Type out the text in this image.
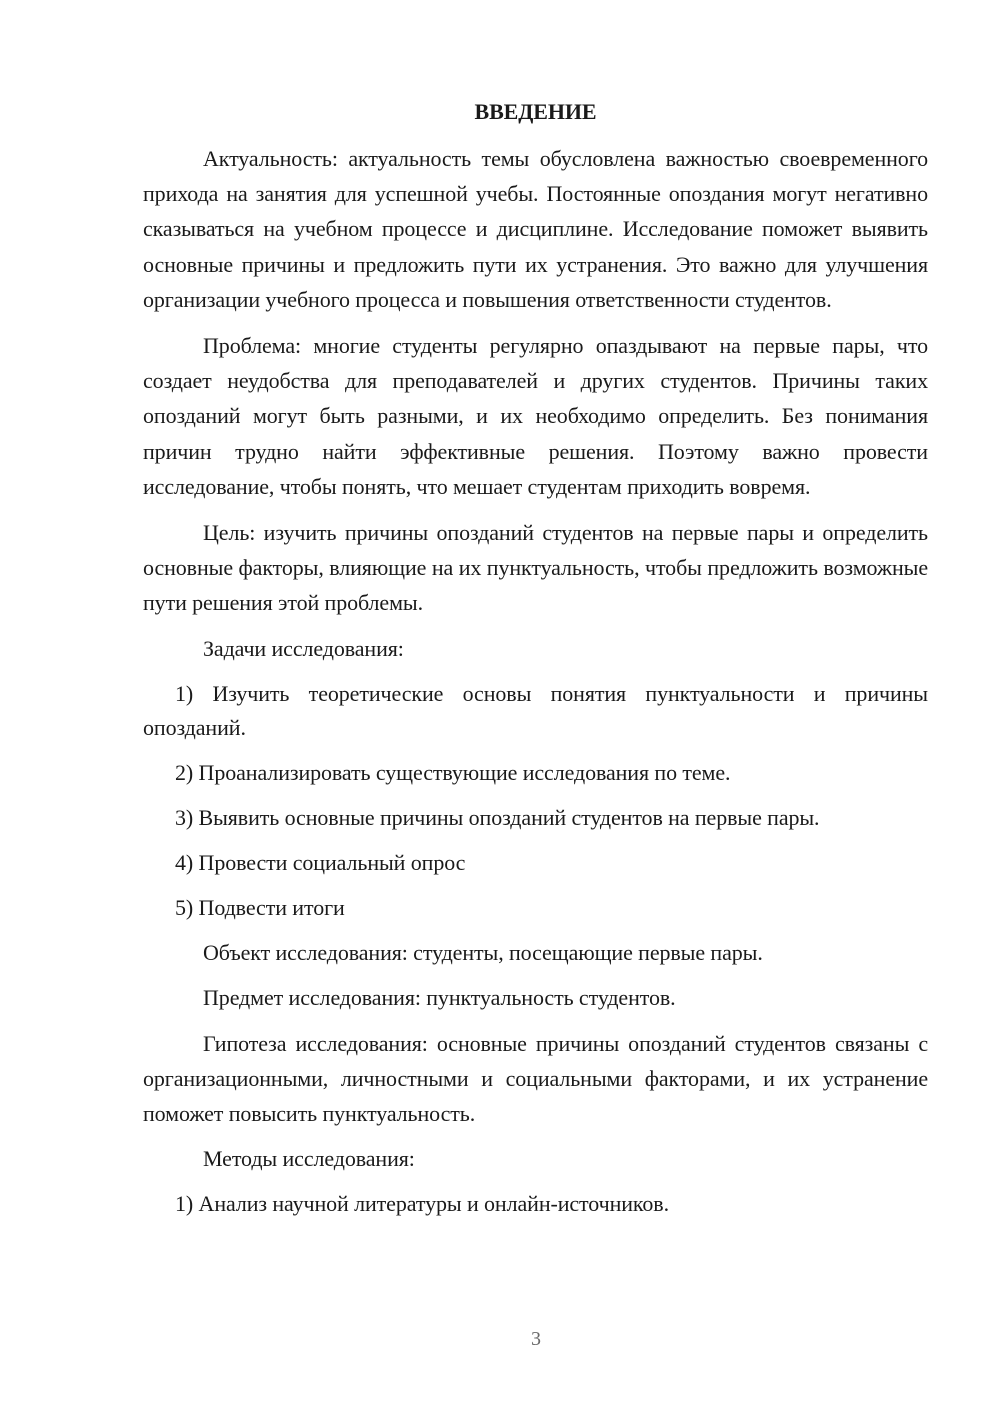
ВВЕДЕНИЕ

Актуальность: актуальность темы обусловлена важностью своевременного прихода на занятия для успешной учебы. Постоянные опоздания могут негативно сказываться на учебном процессе и дисциплине. Исследование поможет выявить основные причины и предложить пути их устранения. Это важно для улучшения организации учебного процесса и повышения ответственности студентов.

Проблема: многие студенты регулярно опаздывают на первые пары, что создает неудобства для преподавателей и других студентов. Причины таких опозданий могут быть разными, и их необходимо определить. Без понимания причин трудно найти эффективные решения. Поэтому важно провести исследование, чтобы понять, что мешает студентам приходить вовремя.

Цель: изучить причины опозданий студентов на первые пары и определить основные факторы, влияющие на их пунктуальность, чтобы предложить возможные пути решения этой проблемы.

Задачи исследования:

1) Изучить теоретические основы понятия пунктуальности и причины опозданий.

2) Проанализировать существующие исследования по теме.

3) Выявить основные причины опозданий студентов на первые пары.

4) Провести социальный опрос

5) Подвести итоги

Объект исследования: студенты, посещающие первые пары.

Предмет исследования: пунктуальность студентов.

Гипотеза исследования: основные причины опозданий студентов связаны с организационными, личностными и социальными факторами, и их устранение поможет повысить пунктуальность.

Методы исследования:

1) Анализ научной литературы и онлайн-источников.

3
